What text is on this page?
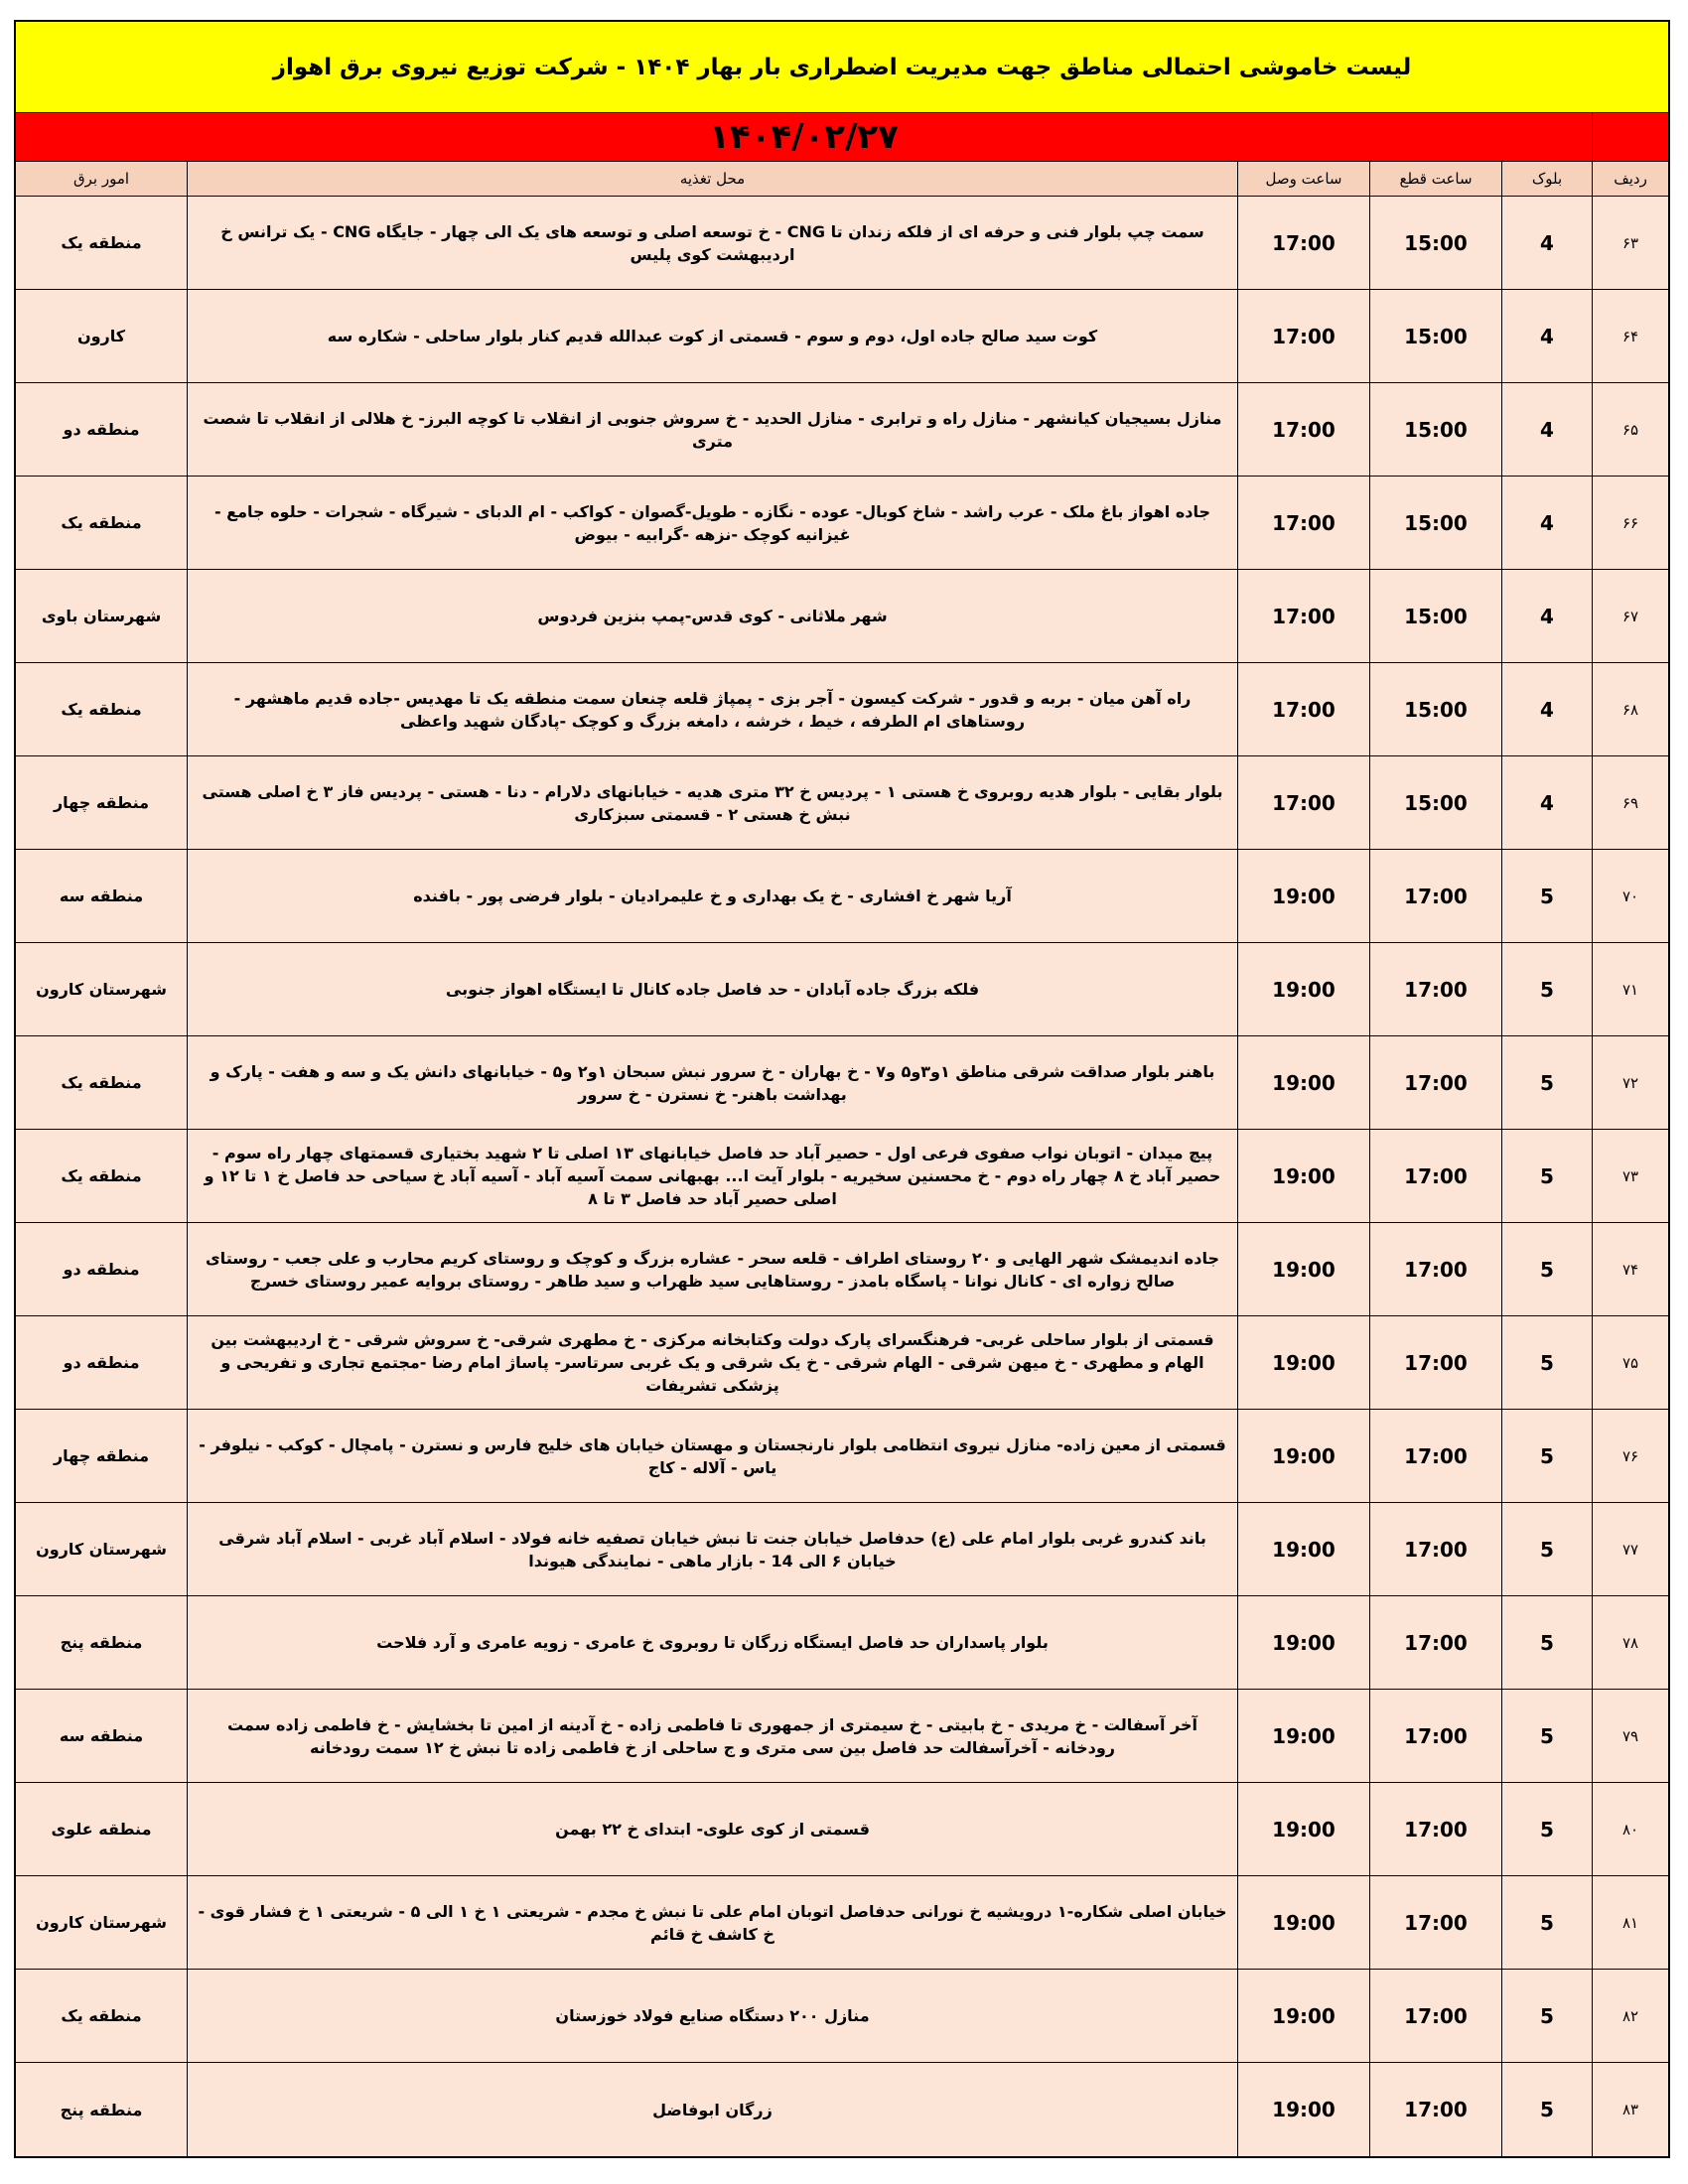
لیست خاموشی احتمالی مناطق جهت مدیریت اضطراری بار بهار ۱۴۰۴ - شرکت توزیع نیروی برق اهواز
۱۴۰۴/۰۲/۲۷
ردیف
بلوک
ساعت قطع
ساعت وصل
محل تغذیه
امور برق
۶۳
4
15:00
17:00
سمت چپ بلوار فنی و حرفه ای از فلکه زندان تا CNG - خ توسعه اصلی و توسعه های یک الی چهار - جایگاه CNG - یک ترانس خ اردیبهشت کوی پلیس
منطقه یک
۶۴
4
15:00
17:00
کوت سید صالح جاده اول، دوم و سوم - قسمتی از کوت عبدالله قدیم کنار بلوار ساحلی - شکاره سه
کارون
۶۵
4
15:00
17:00
منازل بسیجیان کیانشهر - منازل راه و ترابری - منازل الحدید - خ سروش جنوبی از انقلاب تا کوچه البرز- خ هلالی از انقلاب تا شصت متری
منطقه دو
۶۶
4
15:00
17:00
جاده اهواز باغ ملک - عرب راشد - شاخ کوبال- عوده - نگازه - طویل-گصوان - کواکب - ام الدبای - شیرگاه - شجرات - حلوه جامع - غیزانیه کوچک -نزهه -گرابیه - بیوض
منطقه یک
۶۷
4
15:00
17:00
شهر ملاثانی - کوی قدس-پمپ بنزین فردوس
شهرستان باوی
۶۸
4
15:00
17:00
راه آهن میان - بربه و قدور - شرکت کیسون - آجر بزی - پمپاژ قلعه چنعان سمت منطقه یک تا مهدیس -جاده قدیم ماهشهر - روستاهای ام الطرفه ، خیط ، خرشه ، دامغه بزرگ و کوچک -پادگان شهید واعظی
منطقه یک
۶۹
4
15:00
17:00
بلوار بقایی - بلوار هدیه روبروی خ هستی ۱ - پردیس خ ۳۲ متری هدیه - خیابانهای دلارام - دنا - هستی - پردیس فاز ۳ خ اصلی هستی نبش خ هستی ۲ - قسمتی سبزکاری
منطقه چهار
۷۰
5
17:00
19:00
آریا شهر خ افشاری - خ یک بهداری و خ علیمرادیان - بلوار فرضی پور - بافنده
منطقه سه
۷۱
5
17:00
19:00
فلکه بزرگ جاده آبادان - حد فاصل جاده کانال تا ایستگاه اهواز جنوبی
شهرستان کارون
۷۲
5
17:00
19:00
باهنر بلوار صداقت شرقی مناطق ۱و۳و۵ و۷ - خ بهاران - خ سرور نبش سبحان ۱و۲ و۵ - خیابانهای دانش یک و سه و هفت - پارک و بهداشت باهنر- خ نسترن - خ سرور
منطقه یک
۷۳
5
17:00
19:00
پیچ میدان - اتوبان نواب صفوی فرعی اول - حصیر آباد حد فاصل خیابانهای ۱۳ اصلی تا ۲ شهید بختیاری قسمتهای چهار راه سوم - حصیر آباد خ ۸ چهار راه دوم - خ محسنین سخیریه - بلوار آیت ا... بهبهانی سمت آسیه آباد - آسیه آباد خ سیاحی حد فاصل خ ۱ تا ۱۲ و اصلی حصیر آباد حد فاصل ۳ تا ۸
منطقه یک
۷۴
5
17:00
19:00
جاده اندیمشک شهر الهایی و ۲۰ روستای اطراف - قلعه سحر - عشاره بزرگ و کوچک و روستای کریم محارب و علی جعب - روستای صالح زواره ای - کانال نوانا - پاسگاه بامدز - روستاهایی سید ظهراب و سید طاهر - روستای بروایه عمیر روستای خسرج
منطقه دو
۷۵
5
17:00
19:00
قسمتی از بلوار ساحلی غربی- فرهنگسرای پارک دولت وکتابخانه مرکزی - خ مطهری شرقی- خ سروش شرقی - خ اردیبهشت بین الهام و مطهری - خ میهن شرقی - الهام شرقی - خ یک شرقی و یک غربی سرتاسر- پاساژ امام رضا -مجتمع تجاری و تفریحی و پزشکی تشریفات
منطقه دو
۷۶
5
17:00
19:00
قسمتی از معین زاده- منازل نیروی انتظامی بلوار نارنجستان و مهستان خیابان های خلیج فارس و نسترن - پامچال - کوکب - نیلوفر - یاس - آلاله - کاج
منطقه چهار
۷۷
5
17:00
19:00
باند کندرو غربی بلوار امام علی (ع) حدفاصل خیابان جنت تا نبش خیابان تصفیه خانه فولاد - اسلام آباد غربی - اسلام آباد شرقی خیابان ۶ الی 14 - بازار ماهی - نمایندگی هیوندا
شهرستان کارون
۷۸
5
17:00
19:00
بلوار پاسداران حد فاصل ایستگاه زرگان تا روبروی خ عامری - زویه عامری و آرد فلاحت
منطقه پنج
۷۹
5
17:00
19:00
آخر آسفالت - خ مریدی - خ بابیتی - خ سیمتری از جمهوری تا فاطمی زاده - خ آدینه از امین تا بخشایش - خ فاطمی زاده سمت رودخانه - آخرآسفالت حد فاصل بین سی متری و ج ساحلی از خ فاطمی زاده تا نبش خ ۱۲ سمت رودخانه
منطقه سه
۸۰
5
17:00
19:00
قسمتی از کوی علوی- ابتدای خ ۲۲ بهمن
منطقه علوی
۸۱
5
17:00
19:00
خیابان اصلی شکاره-۱ درویشیه خ نورانی حدفاصل اتوبان امام علی تا نبش خ مجدم - شریعتی ۱ خ ۱ الی ۵ - شریعتی ۱ خ فشار قوی - خ کاشف خ قائم
شهرستان کارون
۸۲
5
17:00
19:00
منازل ۲۰۰ دستگاه صنایع فولاد خوزستان
منطقه یک
۸۳
5
17:00
19:00
زرگان ابوفاضل
منطقه پنج
